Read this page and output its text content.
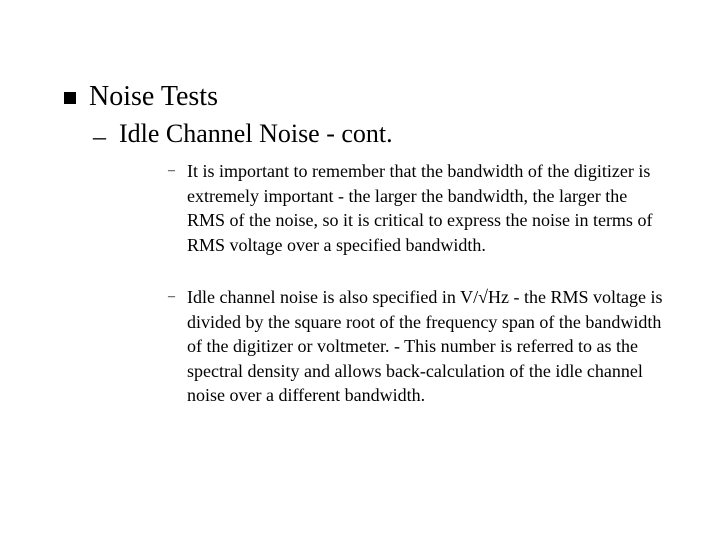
Noise Tests
– Idle Channel Noise - cont.
– It is important to remember that the bandwidth of the digitizer is extremely important - the larger the bandwidth, the larger the RMS of the noise, so it is critical to express the noise in terms of RMS voltage over a specified bandwidth.
– Idle channel noise is also specified in V/√Hz - the RMS voltage is divided by the square root of the frequency span of the bandwidth of the digitizer or voltmeter. - This number is referred to as the spectral density and allows back-calculation of the idle channel noise over a different bandwidth.
